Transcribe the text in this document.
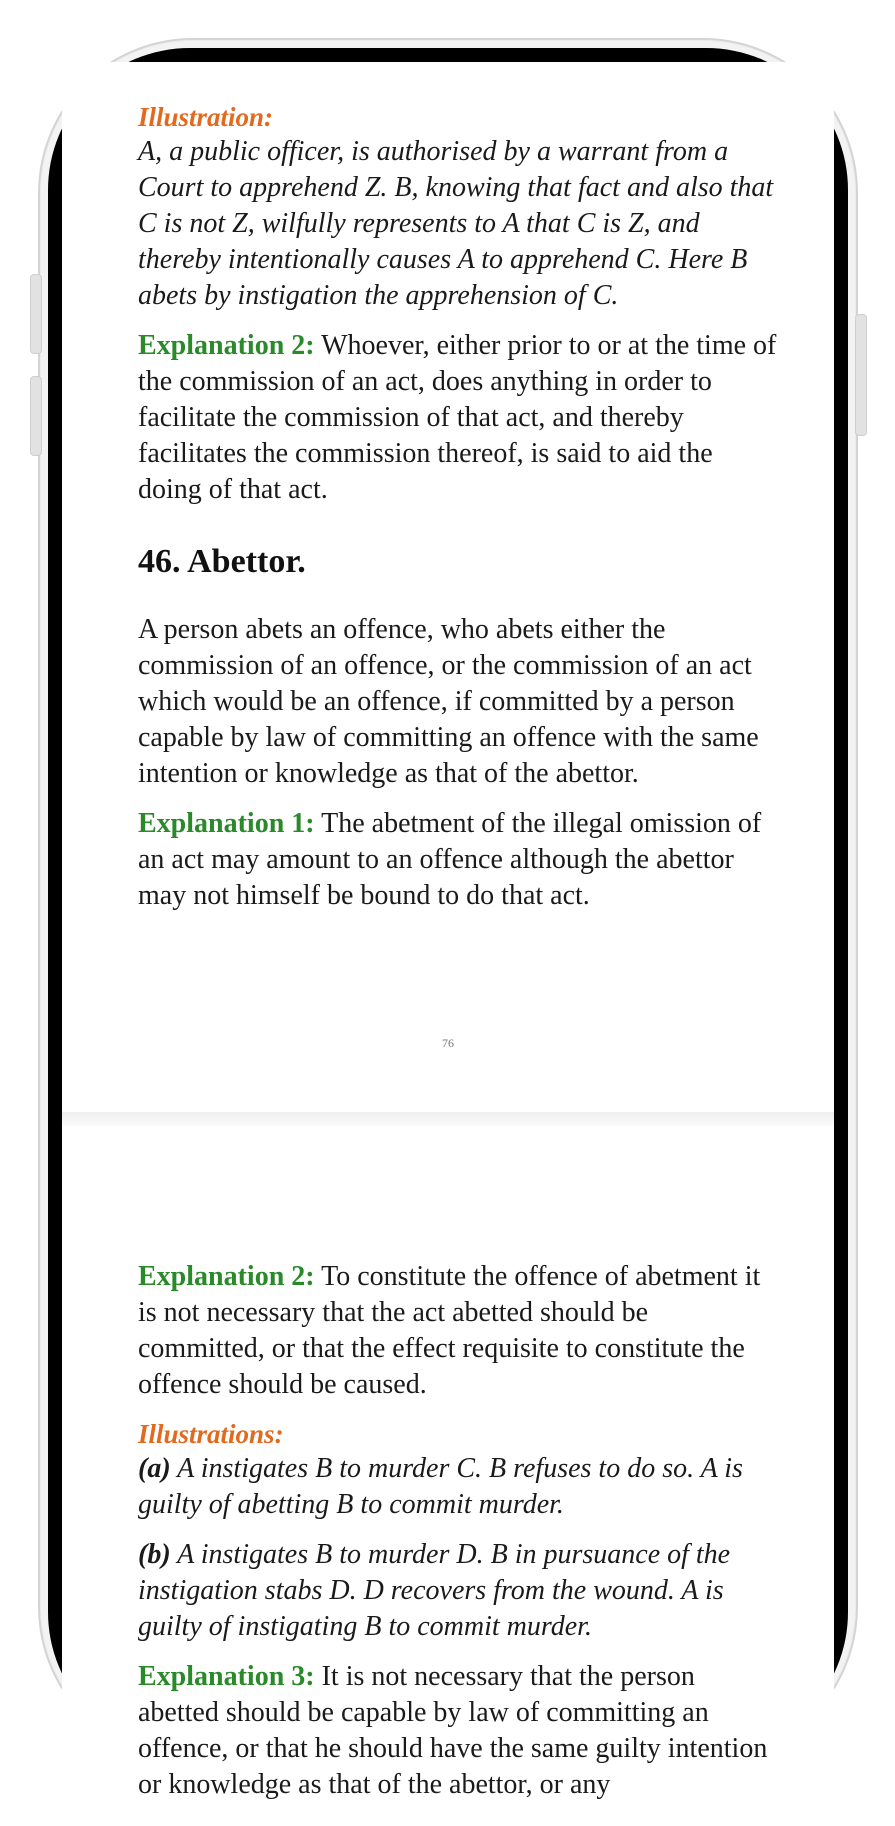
Illustration:

A, a public officer, is authorised by a warrant from a Court to apprehend Z. B, knowing that fact and also that C is not Z, wilfully represents to A that C is Z, and thereby intentionally causes A to apprehend C. Here B abets by instigation the apprehension of C.

Explanation 2: Whoever, either prior to or at the time of the commission of an act, does anything in order to facilitate the commission of that act, and thereby facilitates the commission thereof, is said to aid the doing of that act.

46. Abettor.

A person abets an offence, who abets either the commission of an offence, or the commission of an act which would be an offence, if committed by a person capable by law of committing an offence with the same intention or knowledge as that of the abettor.

Explanation 1: The abetment of the illegal omission of an act may amount to an offence although the abettor may not himself be bound to do that act.

76

Explanation 2: To constitute the offence of abetment it is not necessary that the act abetted should be committed, or that the effect requisite to constitute the offence should be caused.

Illustrations:

(a) A instigates B to murder C. B refuses to do so. A is guilty of abetting B to commit murder.

(b) A instigates B to murder D. B in pursuance of the instigation stabs D. D recovers from the wound. A is guilty of instigating B to commit murder.

Explanation 3: It is not necessary that the person abetted should be capable by law of committing an offence, or that he should have the same guilty intention or knowledge as that of the abettor, or any
